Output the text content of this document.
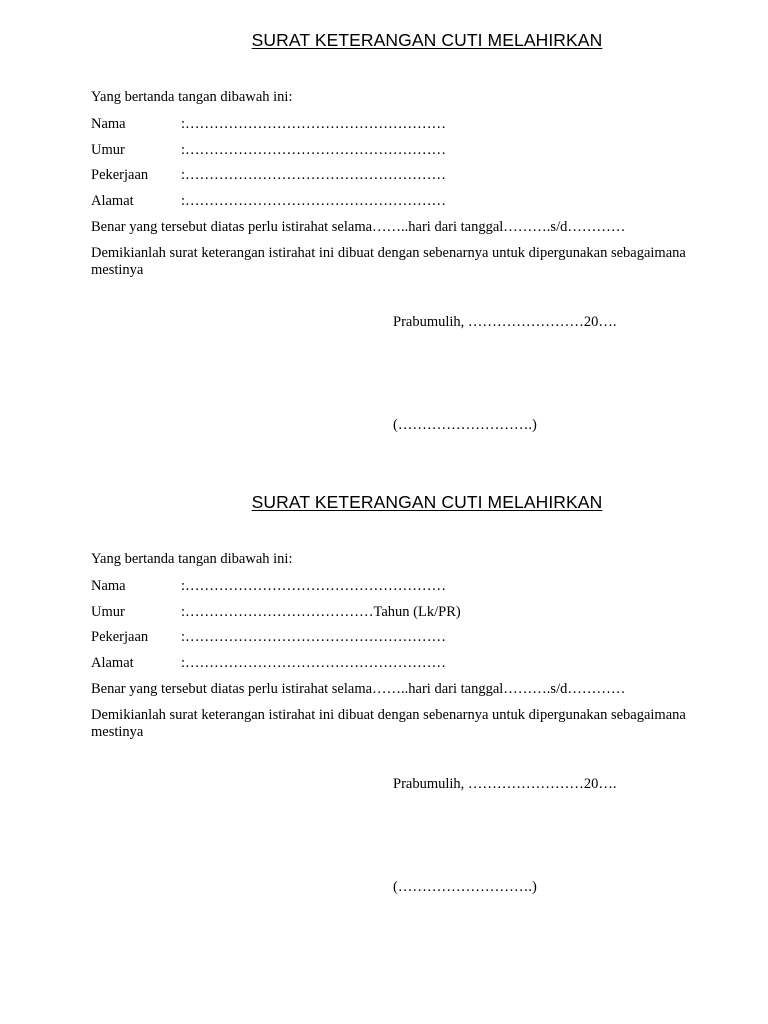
SURAT KETERANGAN CUTI MELAHIRKAN
Yang bertanda tangan dibawah ini:
Nama	:………………………………………………
Umur	:………………………………………………
Pekerjaan :………………………………………………
Alamat	:………………………………………………
Benar yang tersebut diatas perlu istirahat selama……..hari dari tanggal……….s/d…………
Demikianlah surat keterangan istirahat ini dibuat dengan sebenarnya untuk dipergunakan sebagaimana mestinya
Prabumulih, ……………………20….
(……………………….)
SURAT KETERANGAN CUTI MELAHIRKAN
Yang bertanda tangan dibawah ini:
Nama	:………………………………………………
Umur	:…………………………………Tahun (Lk/PR)
Pekerjaan :………………………………………………
Alamat	:………………………………………………
Benar yang tersebut diatas perlu istirahat selama……..hari dari tanggal……….s/d…………
Demikianlah surat keterangan istirahat ini dibuat dengan sebenarnya untuk dipergunakan sebagaimana mestinya
Prabumulih, ……………………20….
(……………………….)
